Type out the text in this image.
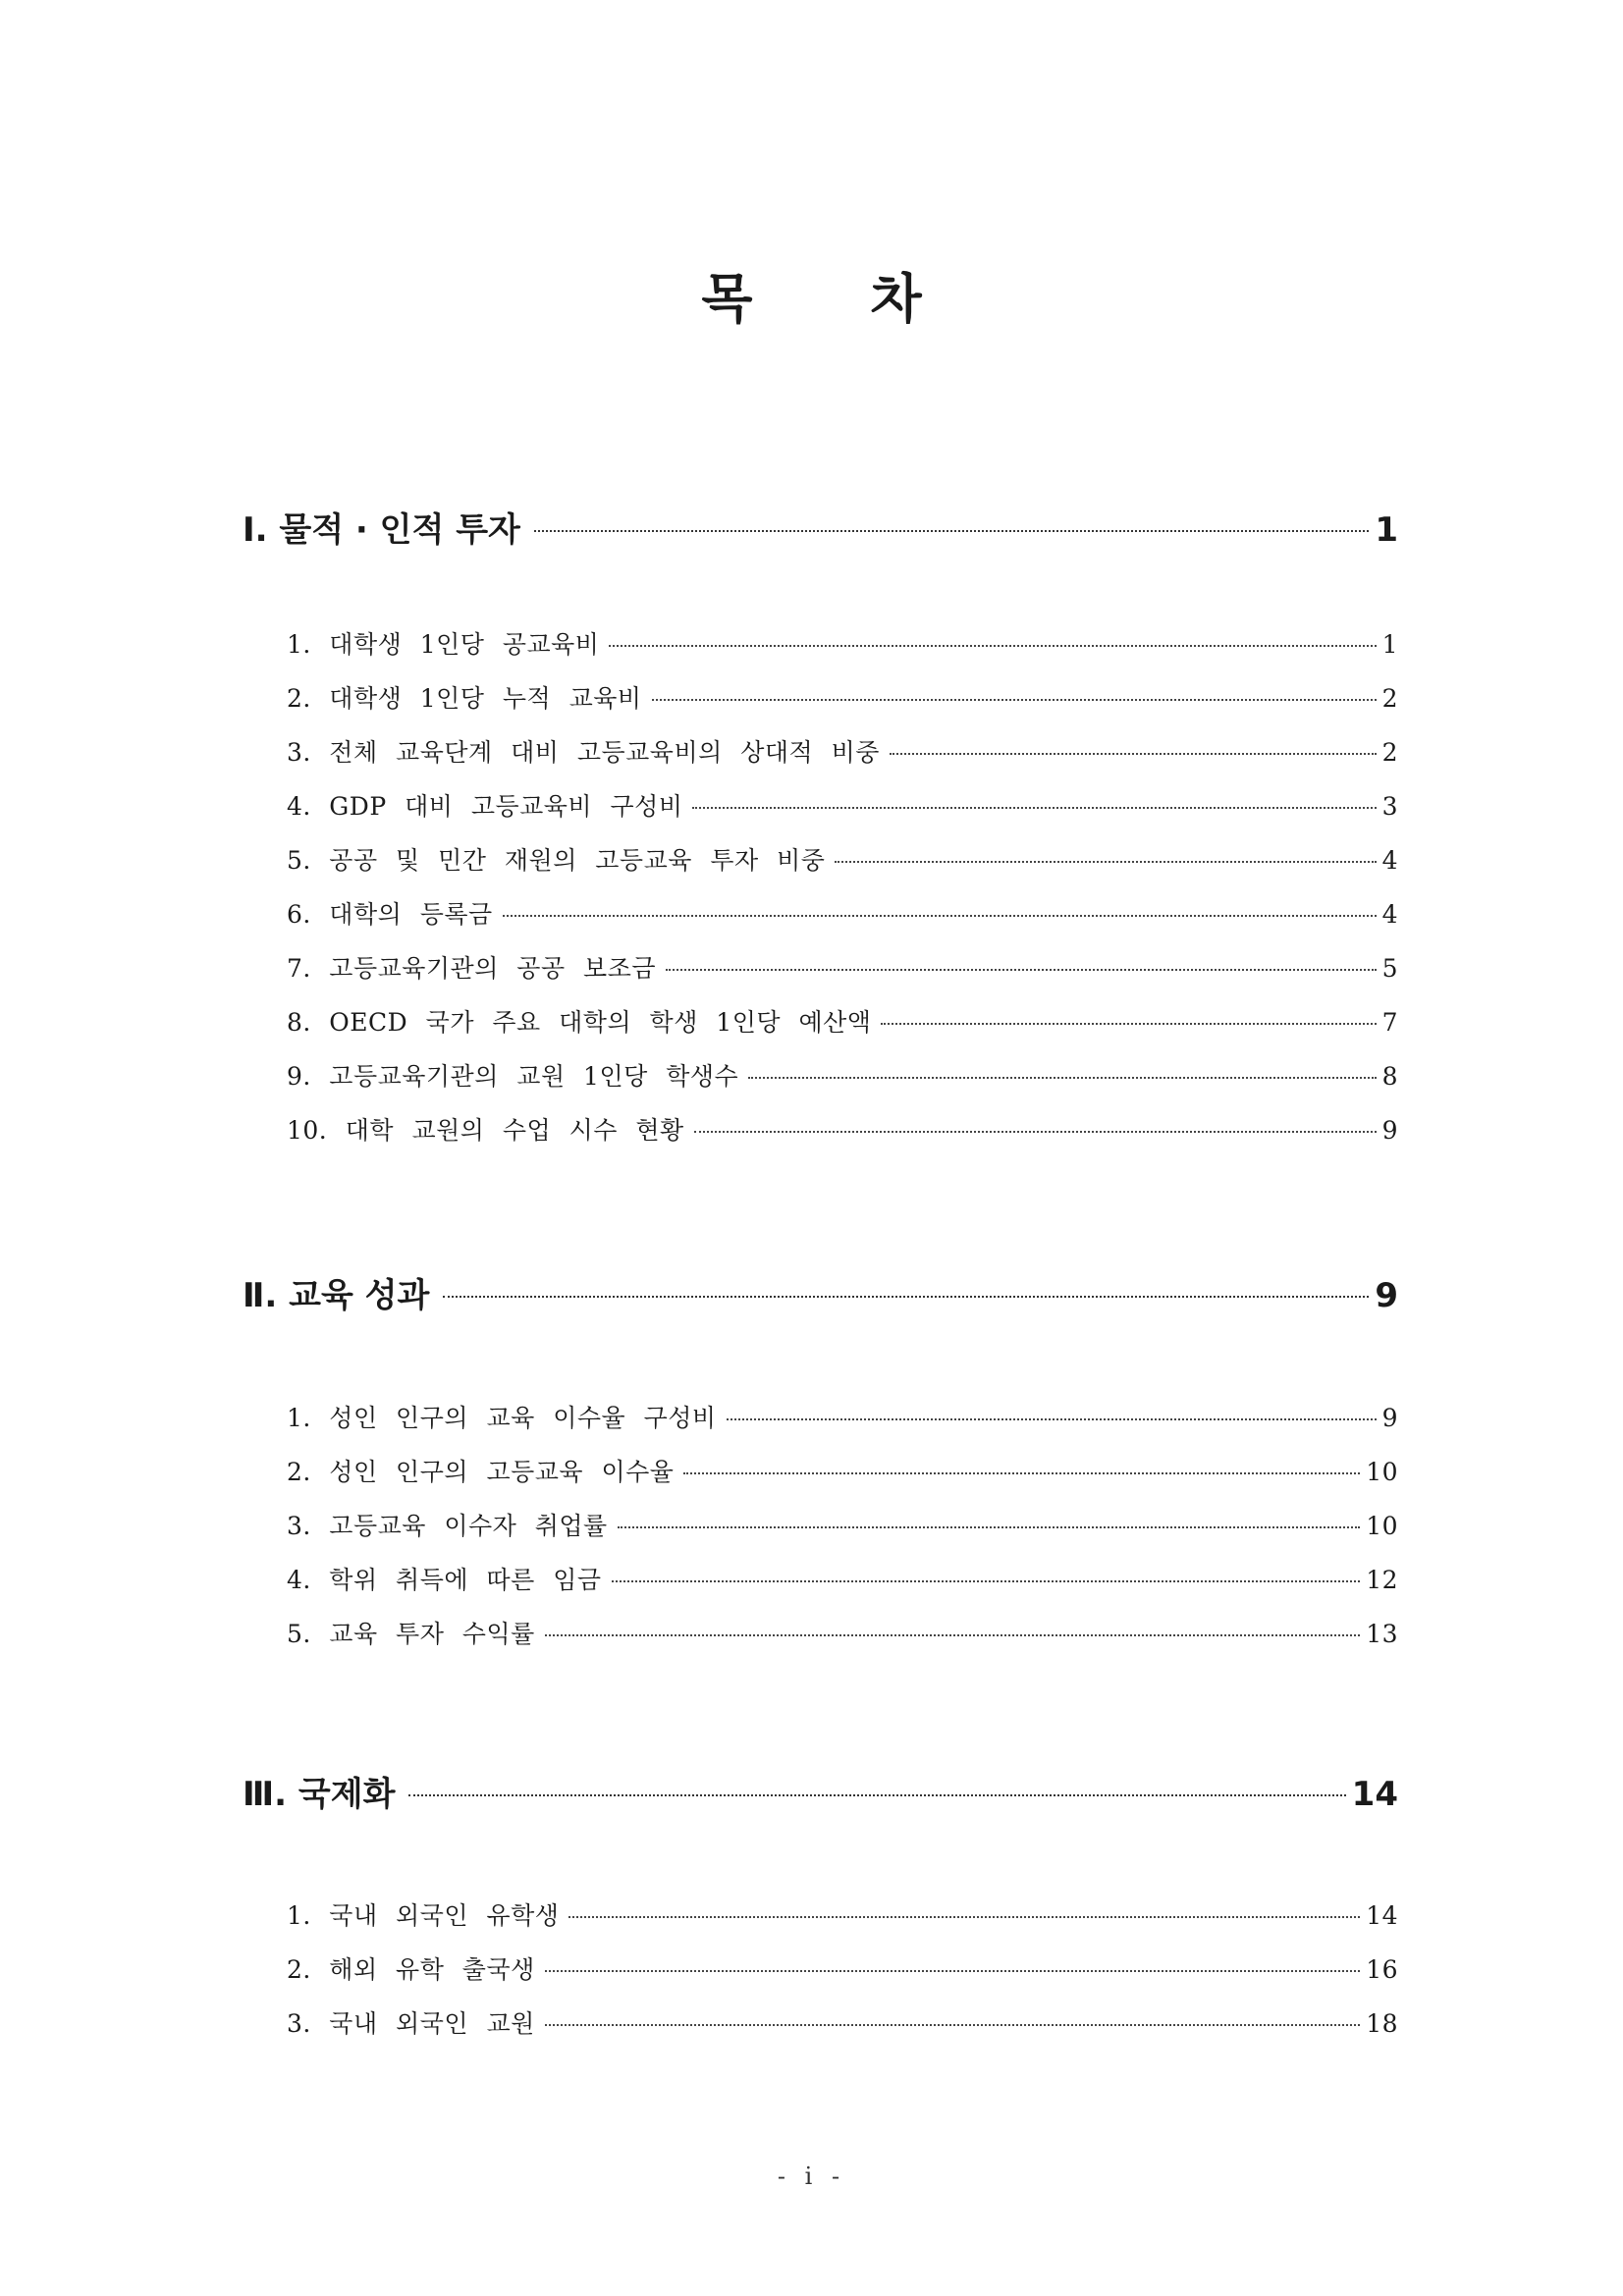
목 차
Ⅰ. 물적 · 인적 투자	1
1. 대학생 1인당 공교육비	1
2. 대학생 1인당 누적 교육비	2
3. 전체 교육단계 대비 고등교육비의 상대적 비중	2
4. GDP 대비 고등교육비 구성비	3
5. 공공 및 민간 재원의 고등교육 투자 비중	4
6. 대학의 등록금	4
7. 고등교육기관의 공공 보조금	5
8. OECD 국가 주요 대학의 학생 1인당 예산액	7
9. 고등교육기관의 교원 1인당 학생수	8
10. 대학 교원의 수업 시수 현황	9
Ⅱ. 교육 성과	9
1. 성인 인구의 교육 이수율 구성비	9
2. 성인 인구의 고등교육 이수율	10
3. 고등교육 이수자 취업률	10
4. 학위 취득에 따른 임금	12
5. 교육 투자 수익률	13
Ⅲ. 국제화	14
1. 국내 외국인 유학생	14
2. 해외 유학 출국생	16
3. 국내 외국인 교원	18
- i -
